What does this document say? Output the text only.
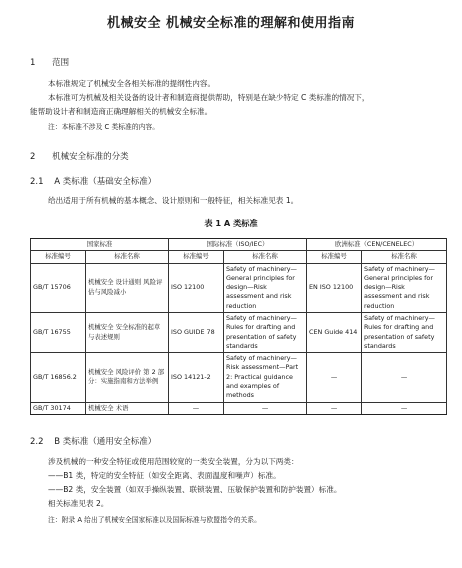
机械安全 机械安全标准的理解和使用指南
1 范围
本标准规定了机械安全各相关标准的提纲性内容。
本标准可为机械及相关设备的设计者和制造商提供帮助，特别是在缺少特定 C 类标准的情况下，
能帮助设计者和制造商正确理解相关的机械安全标准。
注：本标准不涉及 C 类标准的内容。
2 机械安全标准的分类
2.1 A 类标准（基础安全标准）
给出适用于所有机械的基本概念、设计原则和一般特征，相关标准见表 1。
表 1 A 类标准
国家标准		国际标准（ISO/IEC）		欧洲标准（CEN/CENELEC）	
标准编号	标准名称	标准编号	标准名称	标准编号	标准名称
GB/T 15706	机械安全 设计通则 风险评估与风险减小	ISO 12100	Safety of machinery—General principles for design—Risk assessment and risk reduction	EN ISO 12100	Safety of machinery—General principles for design—Risk assessment and risk reduction
GB/T 16755	机械安全 安全标准的起草与表述规则	ISO GUIDE 78	Safety of machinery—Rules for drafting and presentation of safety standards	CEN Guide 414	Safety of machinery—Rules for drafting and presentation of safety standards
GB/T 16856.2	机械安全 风险评价 第 2 部分：实施指南和方法举例	ISO 14121-2	Safety of machinery—Risk assessment—Part 2: Practical guidance and examples of methods	—	—
GB/T 30174	机械安全 术语	—	—	—	—
2.2 B 类标准（通用安全标准）
涉及机械的一种安全特征或使用范围较宽的一类安全装置，分为以下两类：
——B1 类，特定的安全特征（如安全距离、表面温度和噪声）标准。
——B2 类，安全装置（如双手操纵装置、联锁装置、压敏保护装置和防护装置）标准。
相关标准见表 2。
注：附录 A 给出了机械安全国家标准以及国际标准与欧盟指令的关系。
